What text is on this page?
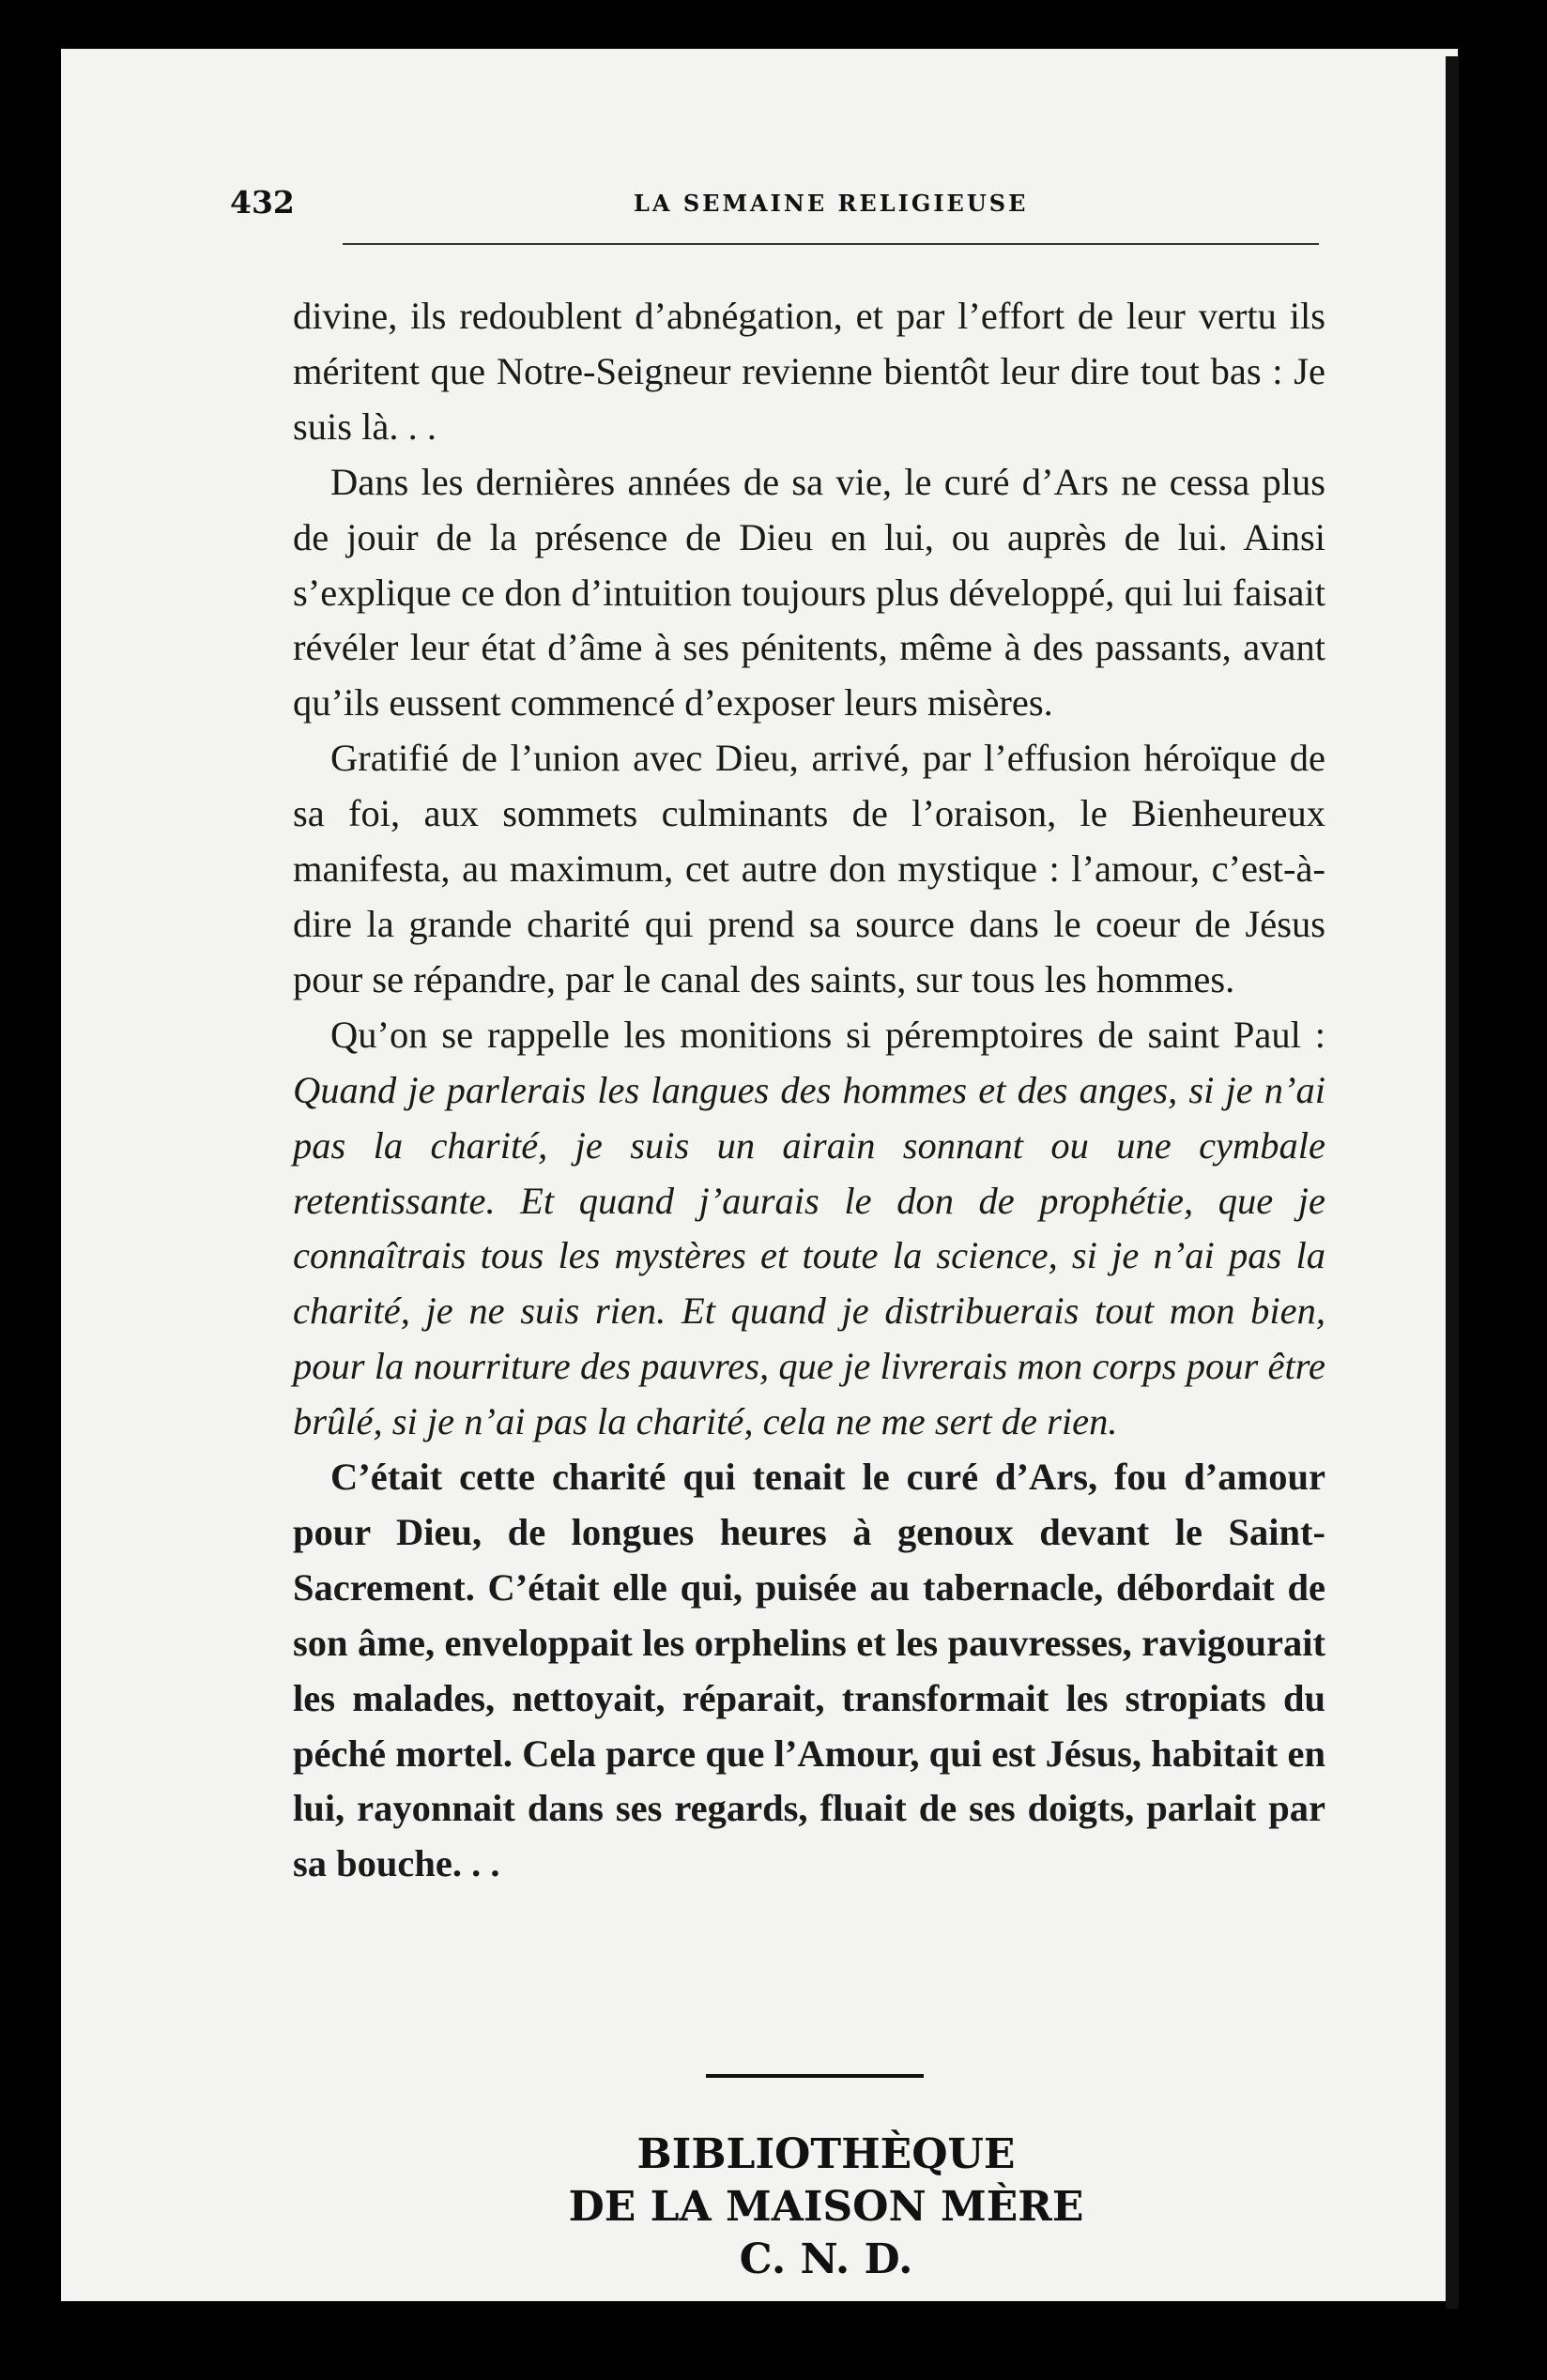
432	LA SEMAINE RELIGIEUSE

divine, ils redoublent d’abnégation, et par l’effort de leur vertu ils méritent que Notre-Seigneur revienne bientôt leur dire tout bas : Je suis là. . .

Dans les dernières années de sa vie, le curé d’Ars ne cessa plus de jouir de la présence de Dieu en lui, ou auprès de lui. Ainsi s’explique ce don d’intuition toujours plus développé, qui lui faisait révéler leur état d’âme à ses pénitents, même à des passants, avant qu’ils eussent commencé d’exposer leurs misères.

Gratifié de l’union avec Dieu, arrivé, par l’effusion héroïque de sa foi, aux sommets culminants de l’oraison, le Bienheureux manifesta, au maximum, cet autre don mystique : l’amour, c’est-à-dire la grande charité qui prend sa source dans le coeur de Jésus pour se répandre, par le canal des saints, sur tous les hommes.

Qu’on se rappelle les monitions si péremptoires de saint Paul : Quand je parlerais les langues des hommes et des anges, si je n’ai pas la charité, je suis un airain sonnant ou une cymbale retentissante. Et quand j’aurais le don de prophétie, que je connaîtrais tous les mystères et toute la science, si je n’ai pas la charité, je ne suis rien. Et quand je distribuerais tout mon bien, pour la nourriture des pauvres, que je livrerais mon corps pour être brûlé, si je n’ai pas la charité, cela ne me sert de rien.

C’était cette charité qui tenait le curé d’Ars, fou d’amour pour Dieu, de longues heures à genoux devant le Saint-Sacrement. C’était elle qui, puisée au tabernacle, débordait de son âme, enveloppait les orphelins et les pauvresses, ravigourait les malades, nettoyait, réparait, transformait les stropiats du péché mortel. Cela parce que l’Amour, qui est Jésus, habitait en lui, rayonnait dans ses regards, fluait de ses doigts, parlait par sa bouche. . .

BIBLIOTHÈQUE
DE LA MAISON MÈRE
C. N. D.
